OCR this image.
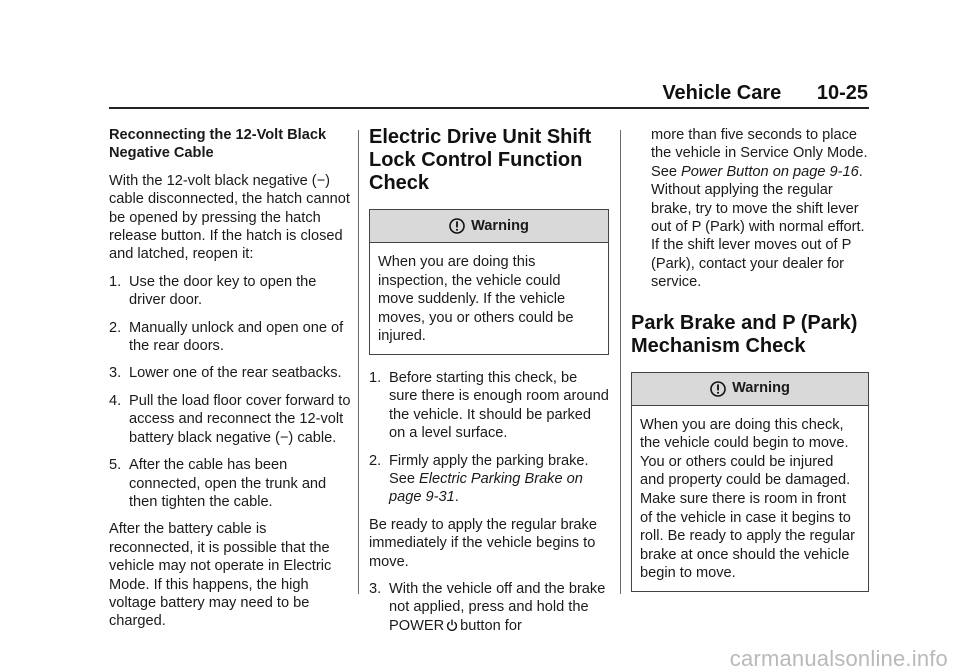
Vehicle Care 10-25

Reconnecting the 12-Volt Black Negative Cable

With the 12-volt black negative (−) cable disconnected, the hatch cannot be opened by pressing the hatch release button. If the hatch is closed and latched, reopen it:

1. Use the door key to open the driver door.
2. Manually unlock and open one of the rear doors.
3. Lower one of the rear seatbacks.
4. Pull the load floor cover forward to access and reconnect the 12-volt battery black negative (−) cable.
5. After the cable has been connected, open the trunk and then tighten the cable.

After the battery cable is reconnected, it is possible that the vehicle may not operate in Electric Mode. If this happens, the high voltage battery may need to be charged.

Electric Drive Unit Shift Lock Control Function Check
Warning
When you are doing this inspection, the vehicle could move suddenly. If the vehicle moves, you or others could be injured.
1. Before starting this check, be sure there is enough room around the vehicle. It should be parked on a level surface.
2. Firmly apply the parking brake. See Electric Parking Brake on page 9-31.

Be ready to apply the regular brake immediately if the vehicle begins to move.

3. With the vehicle off and the brake not applied, press and hold the POWER button for

more than five seconds to place the vehicle in Service Only Mode. See Power Button on page 9-16. Without applying the regular brake, try to move the shift lever out of P (Park) with normal effort. If the shift lever moves out of P (Park), contact your dealer for service.

Park Brake and P (Park) Mechanism Check
Warning
When you are doing this check, the vehicle could begin to move. You or others could be injured and property could be damaged. Make sure there is room in front of the vehicle in case it begins to roll. Be ready to apply the regular brake at once should the vehicle begin to move.
carmanualsonline.info
